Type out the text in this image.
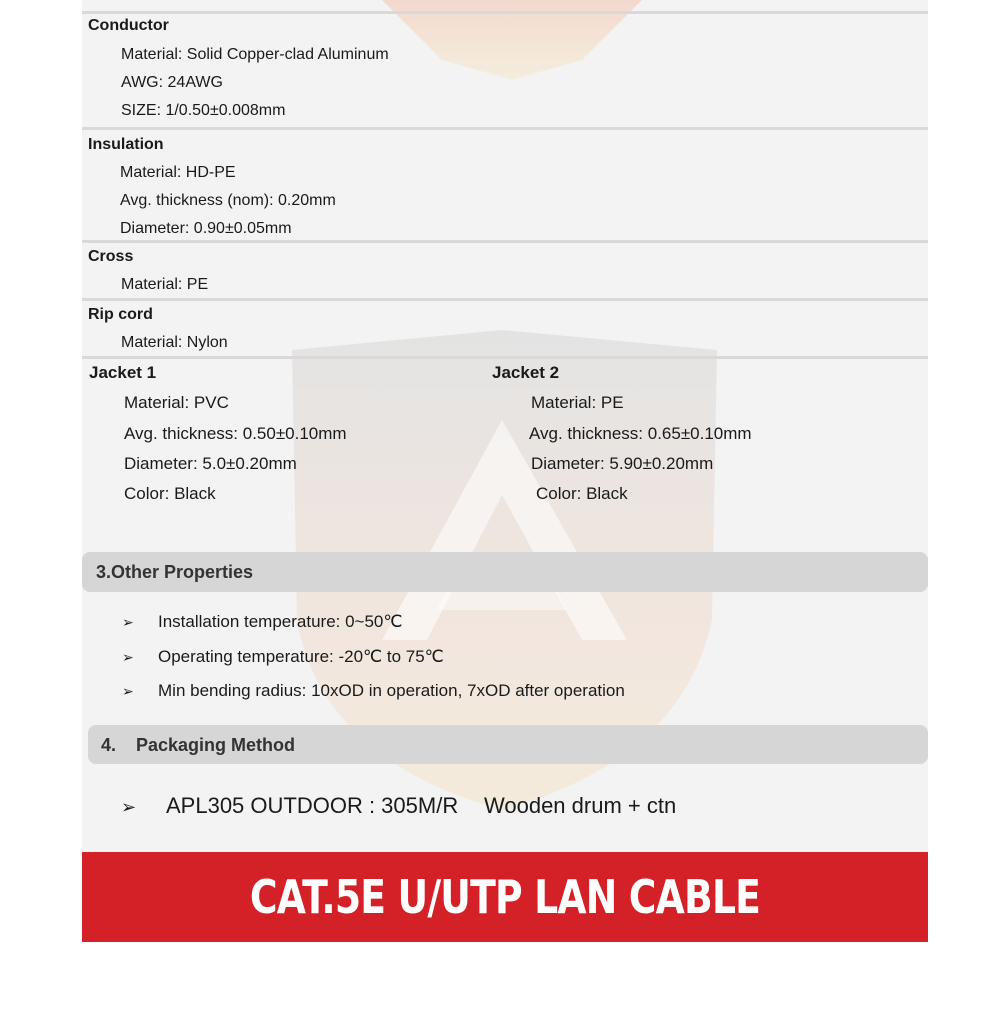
Conductor
Material: Solid Copper-clad Aluminum
AWG: 24AWG
SIZE: 1/0.50±0.008mm
Insulation
Material: HD-PE
Avg. thickness (nom): 0.20mm
Diameter: 0.90±0.05mm
Cross
Material: PE
Rip cord
Material: Nylon
Jacket 1
Material: PVC
Avg. thickness: 0.50±0.10mm
Diameter: 5.0±0.20mm
Color: Black
Jacket 2
Material: PE
Avg. thickness: 0.65±0.10mm
Diameter: 5.90±0.20mm
Color: Black
3.Other Properties
➢ Installation temperature: 0~50℃
➢ Operating temperature: -20℃ to 75℃
➢ Min bending radius: 10xOD in operation, 7xOD after operation
4. Packaging Method
➢ APL305 OUTDOOR : 305M/R Wooden drum + ctn
CAT.5E U/UTP LAN CABLE OUTDOOR
